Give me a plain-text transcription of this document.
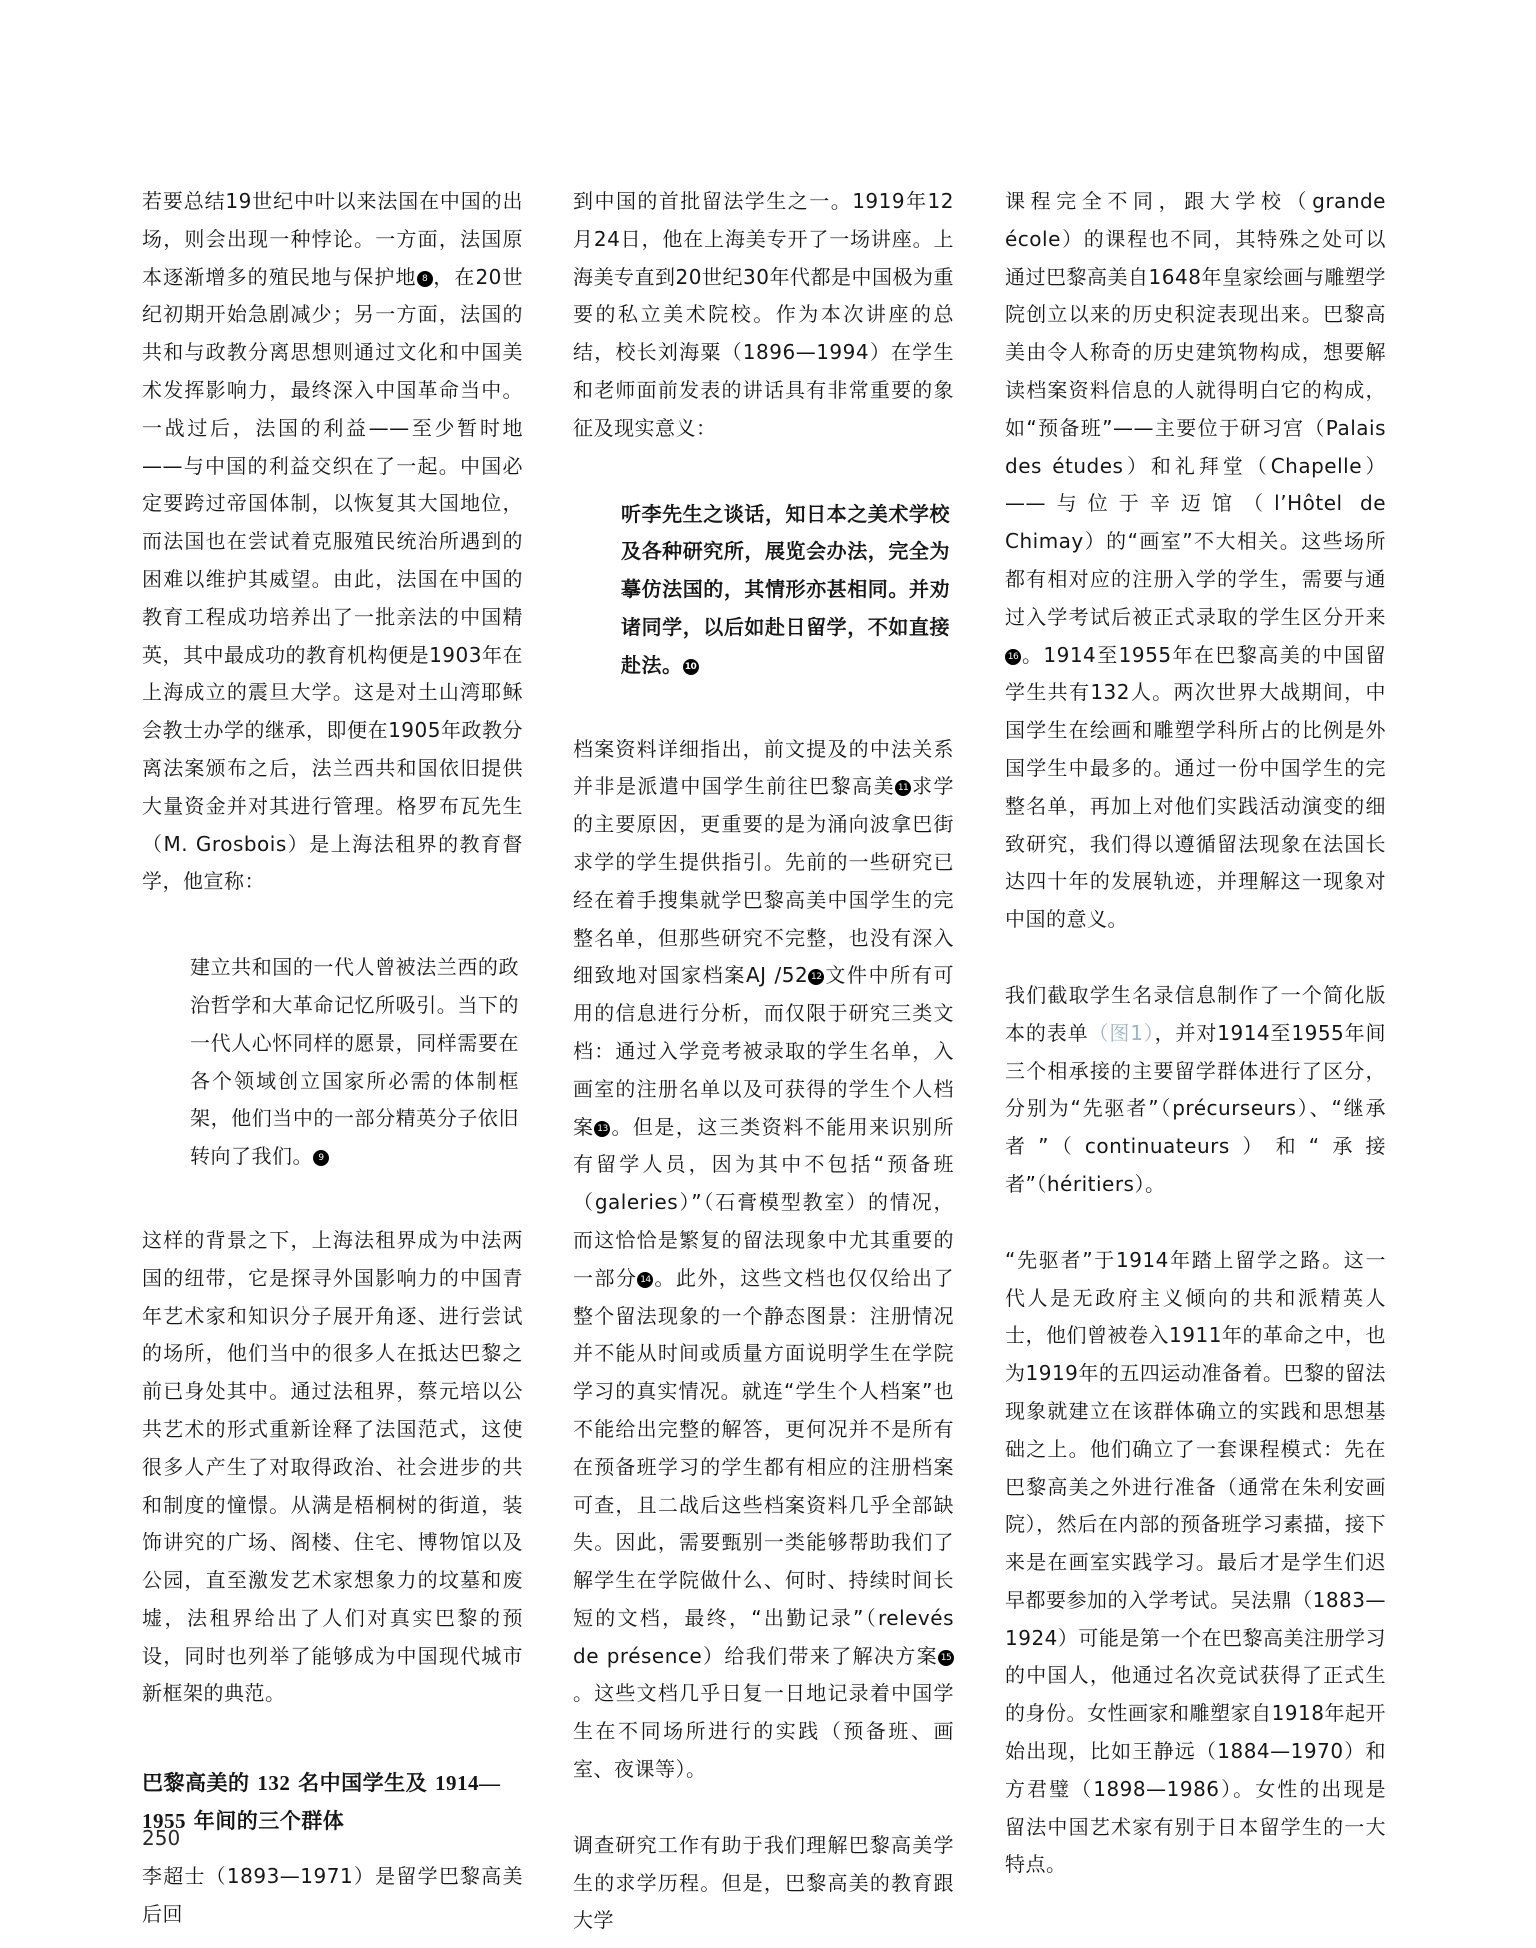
若要总结19世纪中叶以来法国在中国的出场，则会出现一种悖论。一方面，法国原本逐渐增多的殖民地与保护地 8 ，在20世纪初期开始急剧减少；另一方面，法国的共和与政教分离思想则通过文化和中国美术发挥影响力，最终深入中国革命当中。一战过后，法国的利益——至少暂时地——与中国的利益交织在了一起。中国必定要跨过帝国体制，以恢复其大国地位，而法国也在尝试着克服殖民统治所遇到的困难以维护其威望。由此，法国在中国的教育工程成功培养出了一批亲法的中国精英，其中最成功的教育机构便是1903年在上海成立的震旦大学。这是对土山湾耶稣会教士办学的继承，即便在1905年政教分离法案颁布之后，法兰西共和国依旧提供大量资金并对其进行管理。格罗布瓦先生（M. Grosbois）是上海法租界的教育督学，他宣称：

建立共和国的一代人曾被法兰西的政治哲学和大革命记忆所吸引。当下的一代人心怀同样的愿景，同样需要在各个领域创立国家所必需的体制框架，他们当中的一部分精英分子依旧转向了我们。 9

这样的背景之下，上海法租界成为中法两国的纽带，它是探寻外国影响力的中国青年艺术家和知识分子展开角逐、进行尝试的场所，他们当中的很多人在抵达巴黎之前已身处其中。通过法租界，蔡元培以公共艺术的形式重新诠释了法国范式，这使很多人产生了对取得政治、社会进步的共和制度的憧憬。从满是梧桐树的街道，装饰讲究的广场、阁楼、住宅、博物馆以及公园，直至激发艺术家想象力的坟墓和废墟，法租界给出了人们对真实巴黎的预设，同时也列举了能够成为中国现代城市新框架的典范。

巴黎高美的 132 名中国学生及 1914—1955 年间的三个群体

李超士（1893—1971）是留学巴黎高美后回

到中国的首批留法学生之一。1919年12月24日，他在上海美专开了一场讲座。上海美专直到20世纪30年代都是中国极为重要的私立美术院校。作为本次讲座的总结，校长刘海粟（1896—1994）在学生和老师面前发表的讲话具有非常重要的象征及现实意义：

听李先生之谈话，知日本之美术学校及各种研究所，展览会办法，完全为摹仿法国的，其情形亦甚相同。并劝诸同学，以后如赴日留学，不如直接赴法。 10

档案资料详细指出，前文提及的中法关系并非是派遣中国学生前往巴黎高美 11 求学的主要原因，更重要的是为涌向波拿巴街求学的学生提供指引。先前的一些研究已经在着手搜集就学巴黎高美中国学生的完整名单，但那些研究不完整，也没有深入细致地对国家档案AJ /52 12 文件中所有可用的信息进行分析，而仅限于研究三类文档：通过入学竞考被录取的学生名单，入画室的注册名单以及可获得的学生个人档案 13 。但是，这三类资料不能用来识别所有留学人员，因为其中不包括“预备班（galeries）”（石膏模型教室）的情况，而这恰恰是繁复的留法现象中尤其重要的一部分 14 。此外，这些文档也仅仅给出了整个留法现象的一个静态图景：注册情况并不能从时间或质量方面说明学生在学院学习的真实情况。就连“学生个人档案”也不能给出完整的解答，更何况并不是所有在预备班学习的学生都有相应的注册档案可查，且二战后这些档案资料几乎全部缺失。因此，需要甄别一类能够帮助我们了解学生在学院做什么、何时、持续时间长短的文档，最终，“出勤记录”（relevés de présence）给我们带来了解决方案 15。这些文档几乎日复一日地记录着中国学生在不同场所进行的实践（预备班、画室、夜课等）。

调查研究工作有助于我们理解巴黎高美学生的求学历程。但是，巴黎高美的教育跟大学

课程完全不同，跟大学校（grande école）的课程也不同，其特殊之处可以通过巴黎高美自1648年皇家绘画与雕塑学院创立以来的历史积淀表现出来。巴黎高美由令人称奇的历史建筑物构成，想要解读档案资料信息的人就得明白它的构成，如“预备班”——主要位于研习宫（Palais des études）和礼拜堂（Chapelle）——与位于辛迈馆（l’Hôtel de Chimay）的“画室”不大相关。这些场所都有相对应的注册入学的学生，需要与通过入学考试后被正式录取的学生区分开来16 。1914至1955年在巴黎高美的中国留学生共有132人。两次世界大战期间，中国学生在绘画和雕塑学科所占的比例是外国学生中最多的。通过一份中国学生的完整名单，再加上对他们实践活动演变的细致研究，我们得以遵循留法现象在法国长达四十年的发展轨迹，并理解这一现象对中国的意义。

我们截取学生名录信息制作了一个简化版本的表单（图1），并对1914至1955年间三个相承接的主要留学群体进行了区分，分别为“先驱者”（précurseurs）、“继承者”（continuateurs）和“承接者”（héritiers）。

“先驱者”于1914年踏上留学之路。这一代人是无政府主义倾向的共和派精英人士，他们曾被卷入1911年的革命之中，也为1919年的五四运动准备着。巴黎的留法现象就建立在该群体确立的实践和思想基础之上。他们确立了一套课程模式：先在巴黎高美之外进行准备（通常在朱利安画院），然后在内部的预备班学习素描，接下来是在画室实践学习。最后才是学生们迟早都要参加的入学考试。吴法鼎（1883—1924）可能是第一个在巴黎高美注册学习的中国人，他通过名次竞试获得了正式生的身份。女性画家和雕塑家自1918年起开始出现，比如王静远（1884—1970）和方君璧（1898—1986）。女性的出现是留法中国艺术家有别于日本留学生的一大特点。

250
